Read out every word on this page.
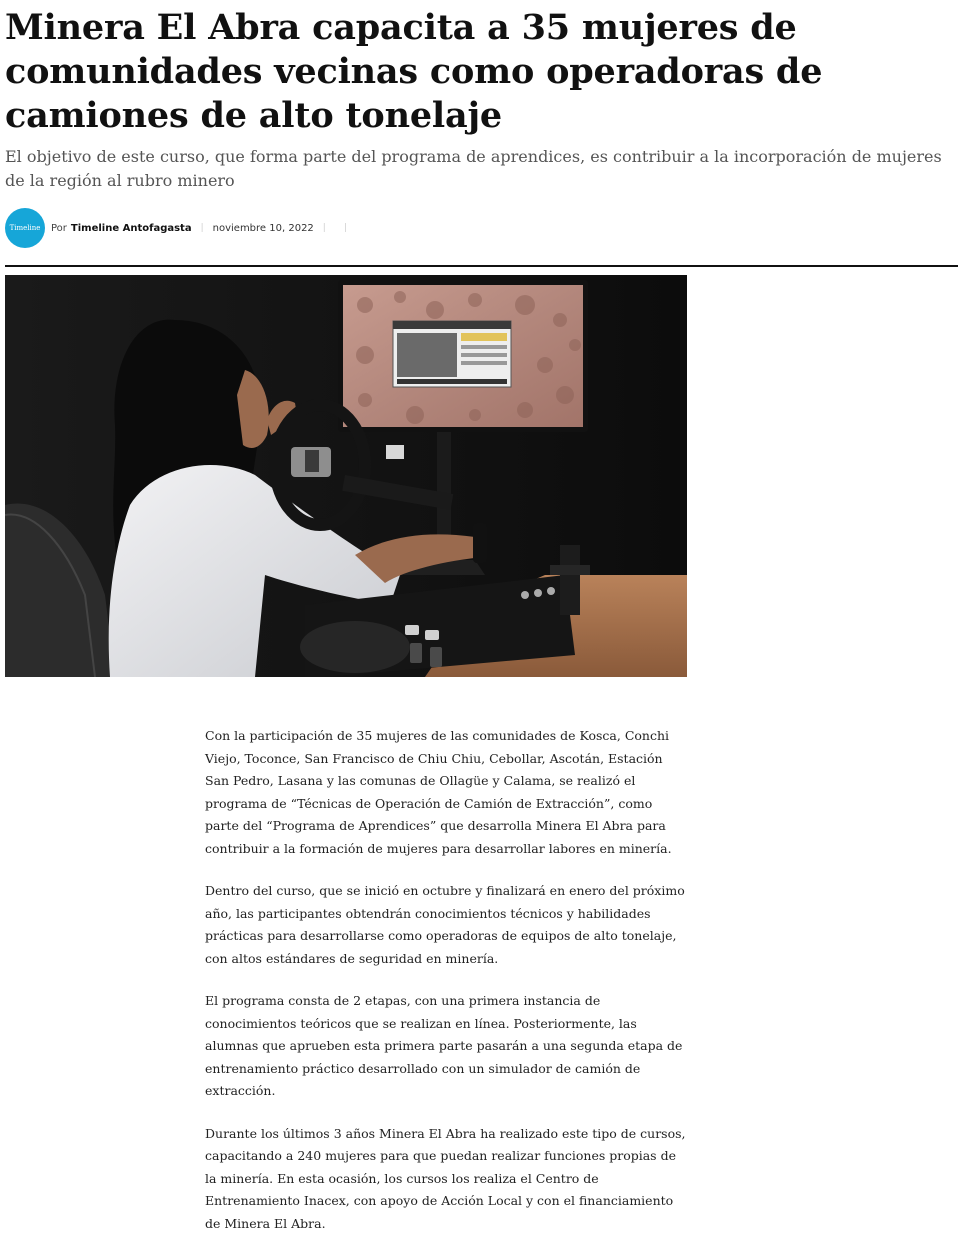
Minera El Abra capacita a 35 mujeres de comunidades vecinas como operadoras de camiones de alto tonelaje

El objetivo de este curso, que forma parte del programa de aprendices, es contribuir a la incorporación de mujeres de la región al rubro minero

Timeline Por Timeline Antofagasta | noviembre 10, 2022 | |

Con la participación de 35 mujeres de las comunidades de Kosca, Conchi Viejo, Toconce, San Francisco de Chiu Chiu, Cebollar, Ascotán, Estación San Pedro, Lasana y las comunas de Ollagüe y Calama, se realizó el programa de “Técnicas de Operación de Camión de Extracción”, como parte del “Programa de Aprendices” que desarrolla Minera El Abra para contribuir a la formación de mujeres para desarrollar labores en minería.

Dentro del curso, que se inició en octubre y finalizará en enero del próximo año, las participantes obtendrán conocimientos técnicos y habilidades prácticas para desarrollarse como operadoras de equipos de alto tonelaje, con altos estándares de seguridad en minería.

El programa consta de 2 etapas, con una primera instancia de conocimientos teóricos que se realizan en línea. Posteriormente, las alumnas que aprueben esta primera parte pasarán a una segunda etapa de entrenamiento práctico desarrollado con un simulador de camión de extracción.

Durante los últimos 3 años Minera El Abra ha realizado este tipo de cursos, capacitando a 240 mujeres para que puedan realizar funciones propias de la minería. En esta ocasión, los cursos los realiza el Centro de Entrenamiento Inacex, con apoyo de Acción Local y con el financiamiento de Minera El Abra.
